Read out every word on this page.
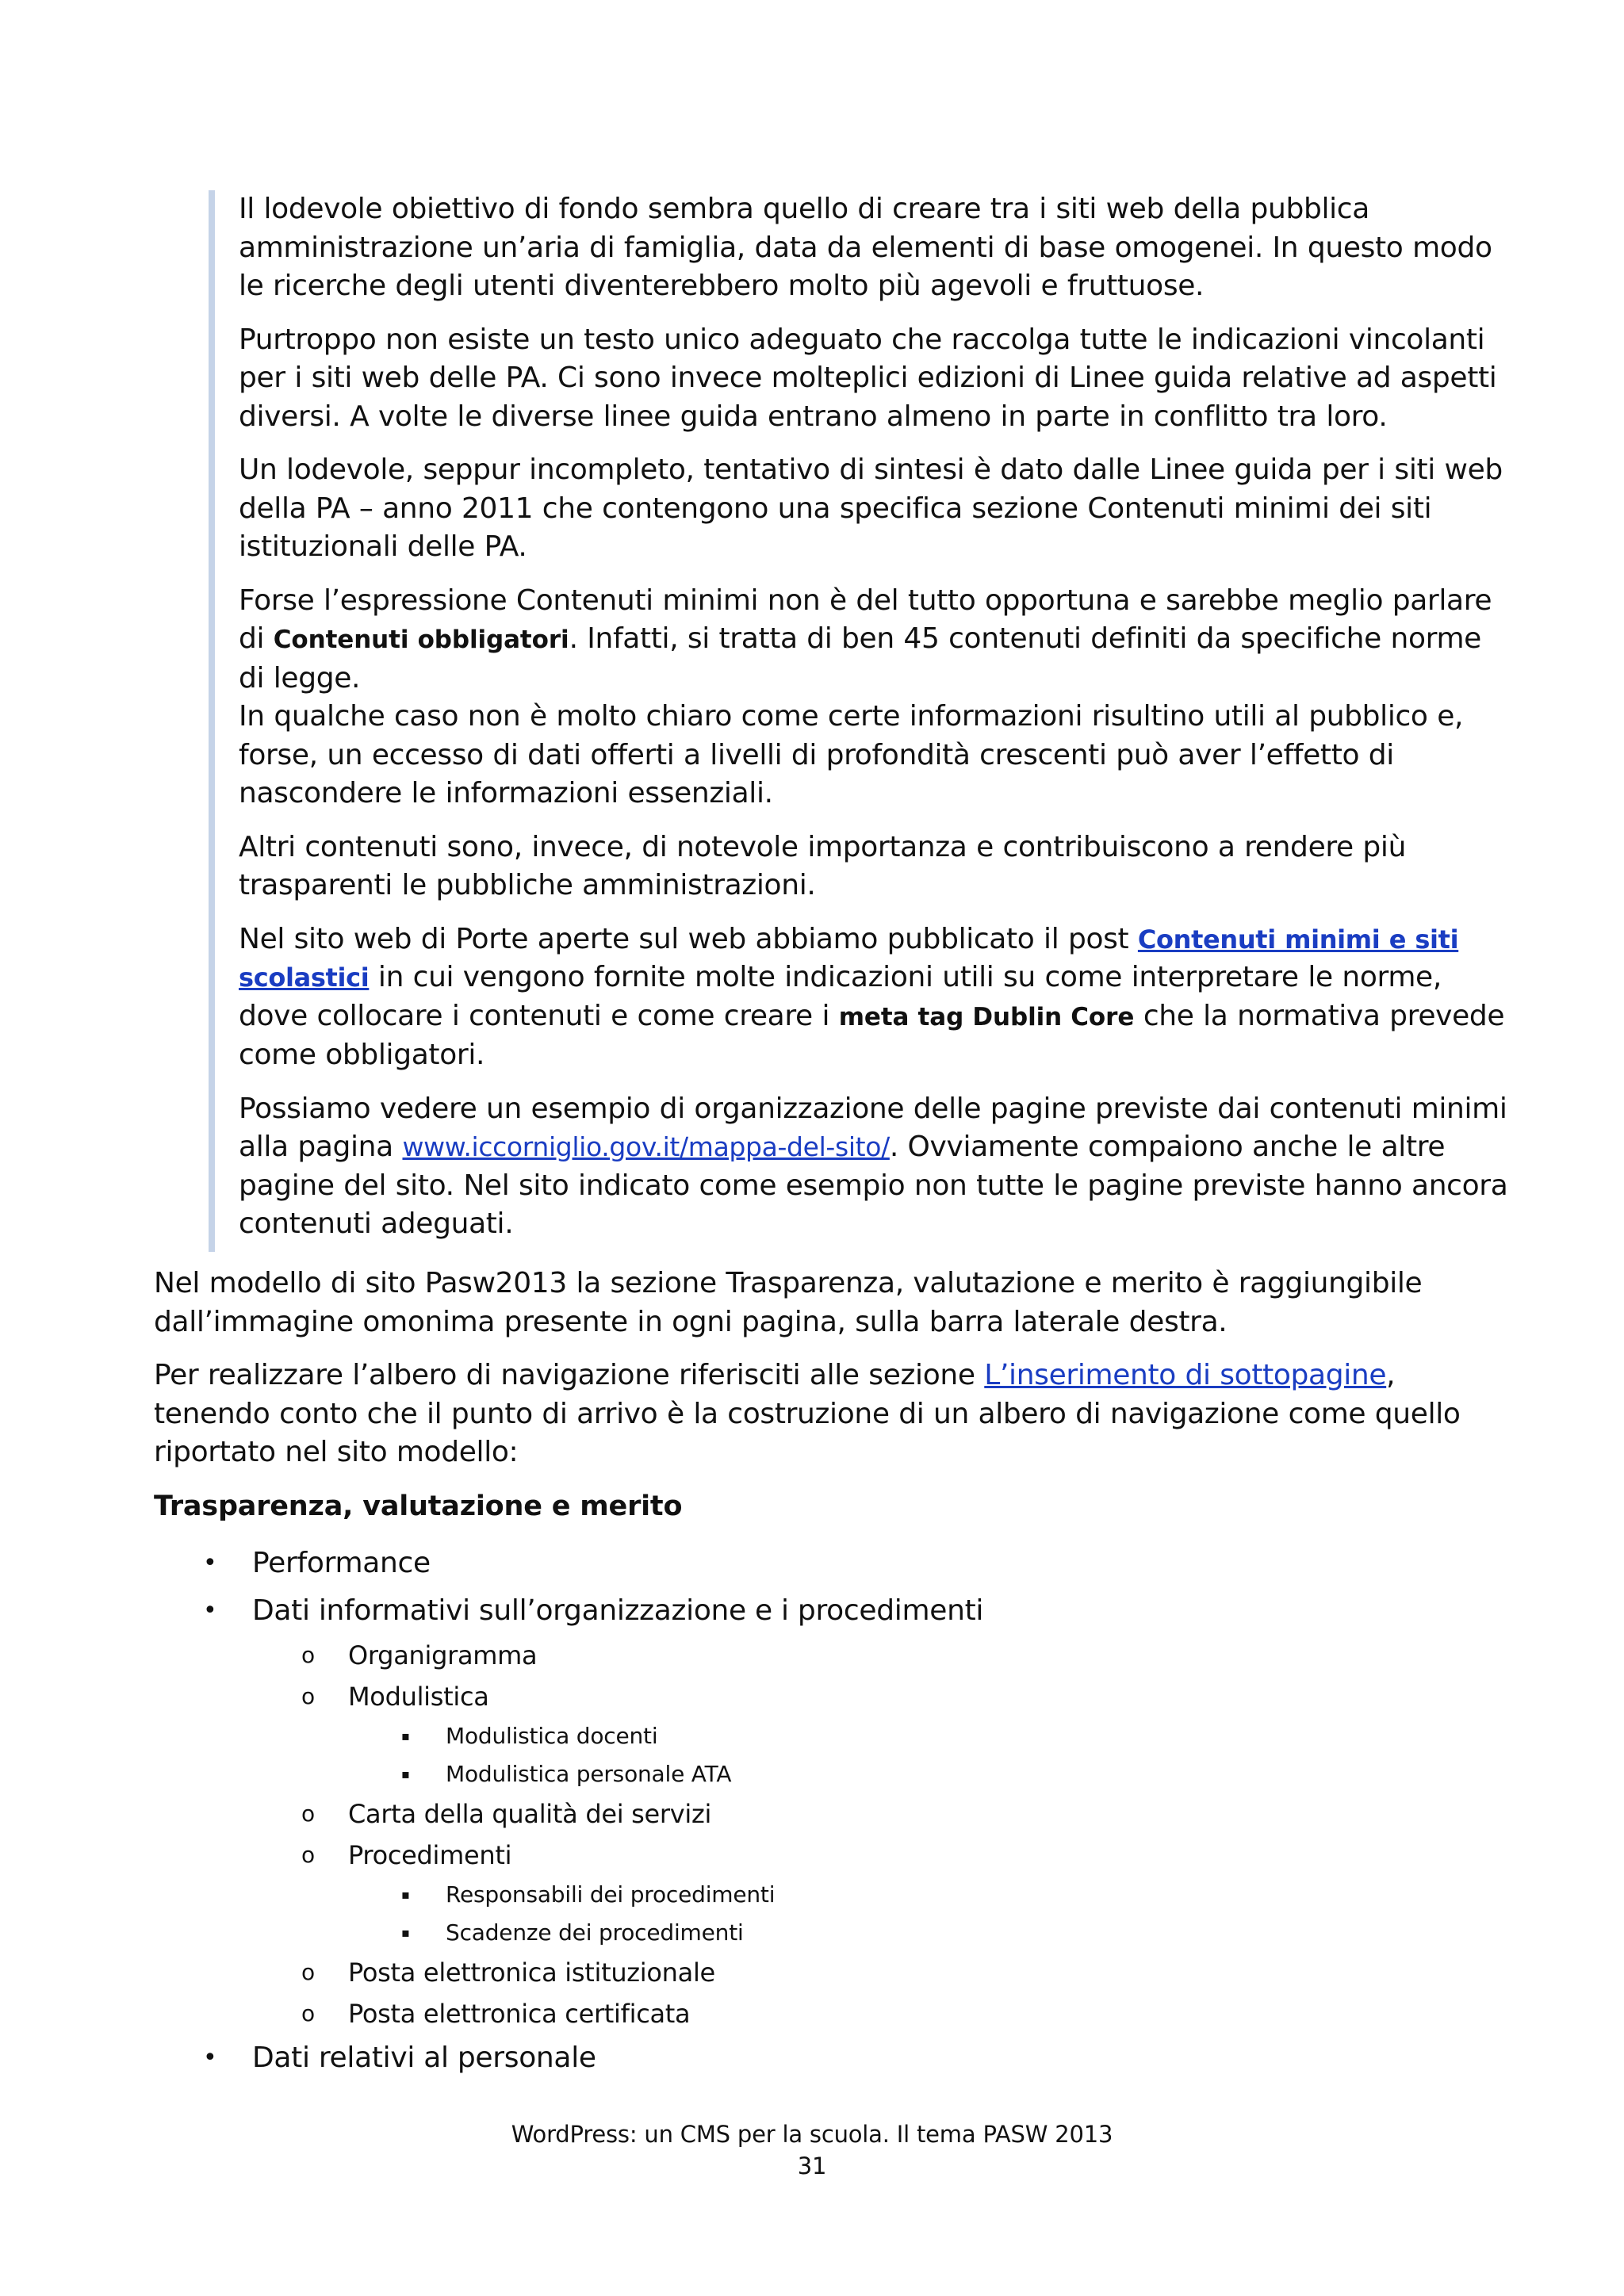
Il lodevole obiettivo di fondo sembra quello di creare tra i siti web della pubblica amministrazione un’aria di famiglia, data da elementi di base omogenei. In questo modo le ricerche degli utenti diventerebbero molto più agevoli e fruttuose.

Purtroppo non esiste un testo unico adeguato che raccolga tutte le indicazioni vincolanti per i siti web delle PA. Ci sono invece molteplici edizioni di Linee guida relative ad aspetti diversi. A volte le diverse linee guida entrano almeno in parte in conflitto tra loro.

Un lodevole, seppur incompleto, tentativo di sintesi è dato dalle Linee guida per i siti web della PA – anno 2011 che contengono una specifica sezione Contenuti minimi dei siti istituzionali delle PA.

Forse l’espressione Contenuti minimi non è del tutto opportuna e sarebbe meglio parlare di Contenuti obbligatori. Infatti, si tratta di ben 45 contenuti definiti da specifiche norme di legge.
In qualche caso non è molto chiaro come certe informazioni risultino utili al pubblico e, forse, un eccesso di dati offerti a livelli di profondità crescenti può aver l’effetto di nascondere le informazioni essenziali.

Altri contenuti sono, invece, di notevole importanza e contribuiscono a rendere più trasparenti le pubbliche amministrazioni.

Nel sito web di Porte aperte sul web abbiamo pubblicato il post Contenuti minimi e siti scolastici in cui vengono fornite molte indicazioni utili su come interpretare le norme, dove collocare i contenuti e come creare i meta tag Dublin Core che la normativa prevede come obbligatori.

Possiamo vedere un esempio di organizzazione delle pagine previste dai contenuti minimi alla pagina www.iccorniglio.gov.it/mappa-del-sito/. Ovviamente compaiono anche le altre pagine del sito. Nel sito indicato come esempio non tutte le pagine previste hanno ancora contenuti adeguati.

Nel modello di sito Pasw2013 la sezione Trasparenza, valutazione e merito è raggiungibile dall’immagine omonima presente in ogni pagina, sulla barra laterale destra.

Per realizzare l’albero di navigazione riferisciti alle sezione L’inserimento di sottopagine, tenendo conto che il punto di arrivo è la costruzione di un albero di navigazione come quello riportato nel sito modello:

Trasparenza, valutazione e merito
• Performance
• Dati informativi sull’organizzazione e i procedimenti
o Organigramma
o Modulistica
▪ Modulistica docenti
▪ Modulistica personale ATA
o Carta della qualità dei servizi
o Procedimenti
▪ Responsabili dei procedimenti
▪ Scadenze dei procedimenti
o Posta elettronica istituzionale
o Posta elettronica certificata
• Dati relativi al personale
WordPress: un CMS per la scuola. Il tema PASW 2013
31
